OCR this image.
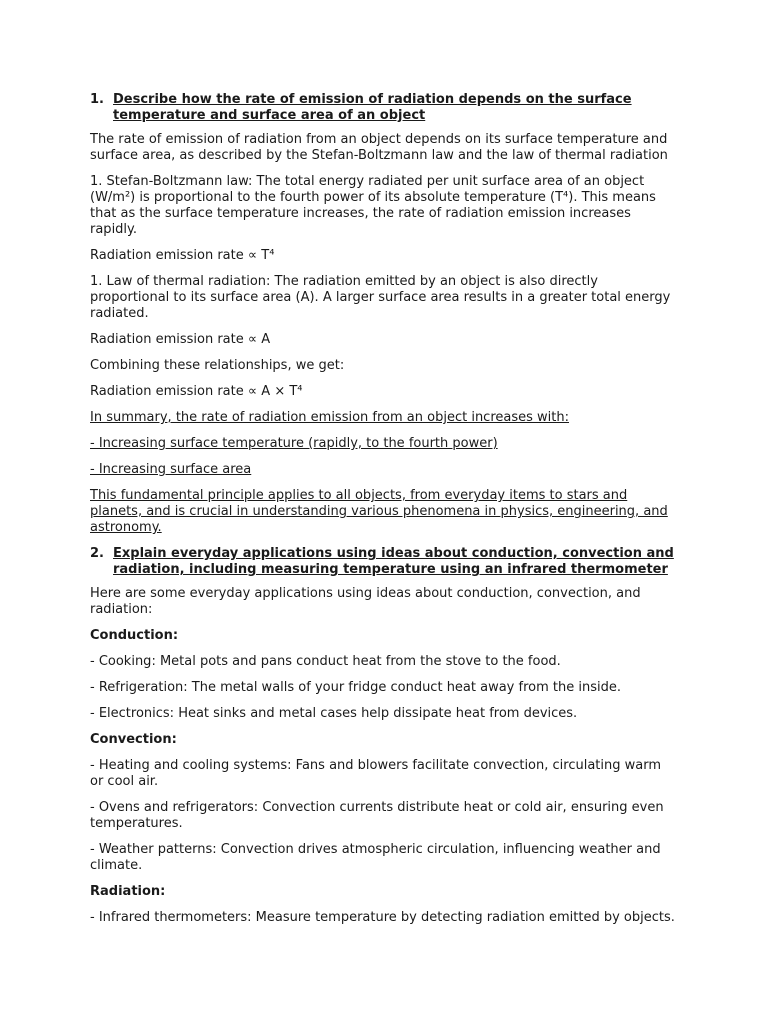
1. Describe how the rate of emission of radiation depends on the surface temperature and surface area of an object

The rate of emission of radiation from an object depends on its surface temperature and surface area, as described by the Stefan-Boltzmann law and the law of thermal radiation

1. Stefan-Boltzmann law: The total energy radiated per unit surface area of an object (W/m²) is proportional to the fourth power of its absolute temperature (T⁴). This means that as the surface temperature increases, the rate of radiation emission increases rapidly.

Radiation emission rate ∝ T⁴

1. Law of thermal radiation: The radiation emitted by an object is also directly proportional to its surface area (A). A larger surface area results in a greater total energy radiated.

Radiation emission rate ∝ A

Combining these relationships, we get:

Radiation emission rate ∝ A × T⁴

In summary, the rate of radiation emission from an object increases with:

- Increasing surface temperature (rapidly, to the fourth power)

- Increasing surface area

This fundamental principle applies to all objects, from everyday items to stars and planets, and is crucial in understanding various phenomena in physics, engineering, and astronomy.

2. Explain everyday applications using ideas about conduction, convection and radiation, including measuring temperature using an infrared thermometer

Here are some everyday applications using ideas about conduction, convection, and radiation:

Conduction:

- Cooking: Metal pots and pans conduct heat from the stove to the food.

- Refrigeration: The metal walls of your fridge conduct heat away from the inside.

- Electronics: Heat sinks and metal cases help dissipate heat from devices.

Convection:

- Heating and cooling systems: Fans and blowers facilitate convection, circulating warm or cool air.

- Ovens and refrigerators: Convection currents distribute heat or cold air, ensuring even temperatures.

- Weather patterns: Convection drives atmospheric circulation, influencing weather and climate.

Radiation:

- Infrared thermometers: Measure temperature by detecting radiation emitted by objects.
